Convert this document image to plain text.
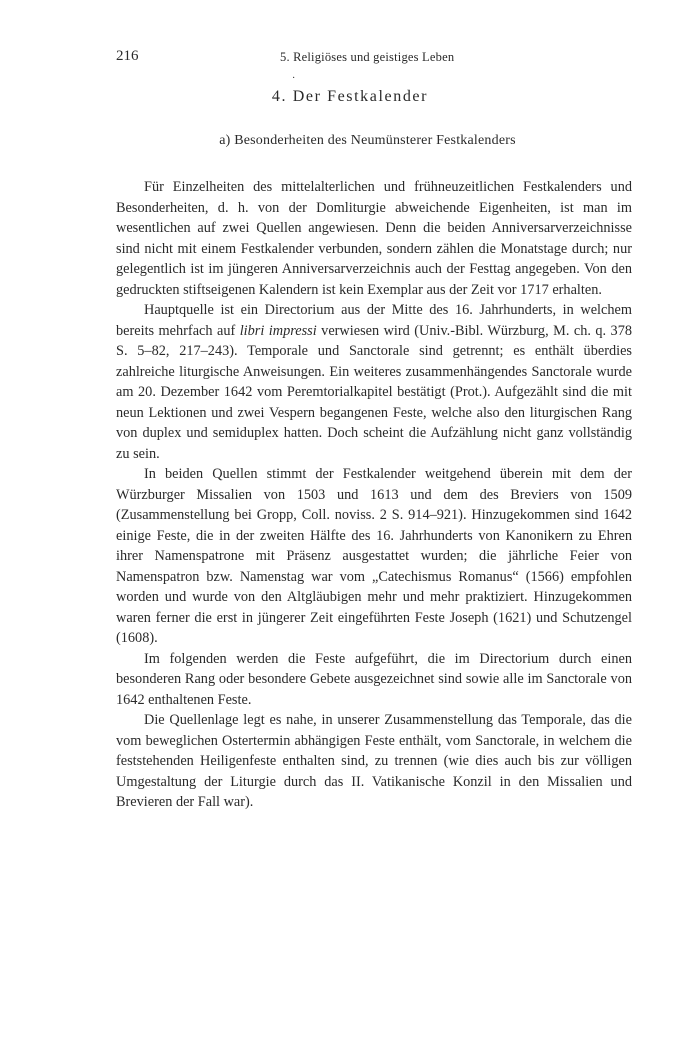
216	5. Religiöses und geistiges Leben
·
4. Der Festkalender
a) Besonderheiten des Neumünsterer Festkalenders

Für Einzelheiten des mittelalterlichen und frühneuzeitlichen Festkalenders und Besonderheiten, d. h. von der Domliturgie abweichende Eigenheiten, ist man im wesentlichen auf zwei Quellen angewiesen. Denn die beiden Anniversarverzeichnisse sind nicht mit einem Festkalender verbunden, sondern zählen die Monatstage durch; nur gelegentlich ist im jüngeren Anniversarverzeichnis auch der Festtag angegeben. Von den gedruckten stiftseigenen Kalendern ist kein Exemplar aus der Zeit vor 1717 erhalten.

Hauptquelle ist ein Directorium aus der Mitte des 16. Jahrhunderts, in welchem bereits mehrfach auf libri impressi verwiesen wird (Univ.-Bibl. Würzburg, M. ch. q. 378 S. 5–82, 217–243). Temporale und Sanctorale sind getrennt; es enthält überdies zahlreiche liturgische Anweisungen. Ein weiteres zusammenhängendes Sanctorale wurde am 20. Dezember 1642 vom Peremtorialkapitel bestätigt (Prot.). Aufgezählt sind die mit neun Lektionen und zwei Vespern begangenen Feste, welche also den liturgischen Rang von duplex und semiduplex hatten. Doch scheint die Aufzählung nicht ganz vollständig zu sein.

In beiden Quellen stimmt der Festkalender weitgehend überein mit dem der Würzburger Missalien von 1503 und 1613 und dem des Breviers von 1509 (Zusammenstellung bei Gropp, Coll. noviss. 2 S. 914–921). Hinzugekommen sind 1642 einige Feste, die in der zweiten Hälfte des 16. Jahrhunderts von Kanonikern zu Ehren ihrer Namenspatrone mit Präsenz ausgestattet wurden; die jährliche Feier von Namenspatron bzw. Namenstag war vom „Catechismus Romanus“ (1566) empfohlen worden und wurde von den Altgläubigen mehr und mehr praktiziert. Hinzugekommen waren ferner die erst in jüngerer Zeit eingeführten Feste Joseph (1621) und Schutzengel (1608).

Im folgenden werden die Feste aufgeführt, die im Directorium durch einen besonderen Rang oder besondere Gebete ausgezeichnet sind sowie alle im Sanctorale von 1642 enthaltenen Feste.

Die Quellenlage legt es nahe, in unserer Zusammenstellung das Temporale, das die vom beweglichen Ostertermin abhängigen Feste enthält, vom Sanctorale, in welchem die feststehenden Heiligenfeste enthalten sind, zu trennen (wie dies auch bis zur völligen Umgestaltung der Liturgie durch das II. Vatikanische Konzil in den Missalien und Brevieren der Fall war).
